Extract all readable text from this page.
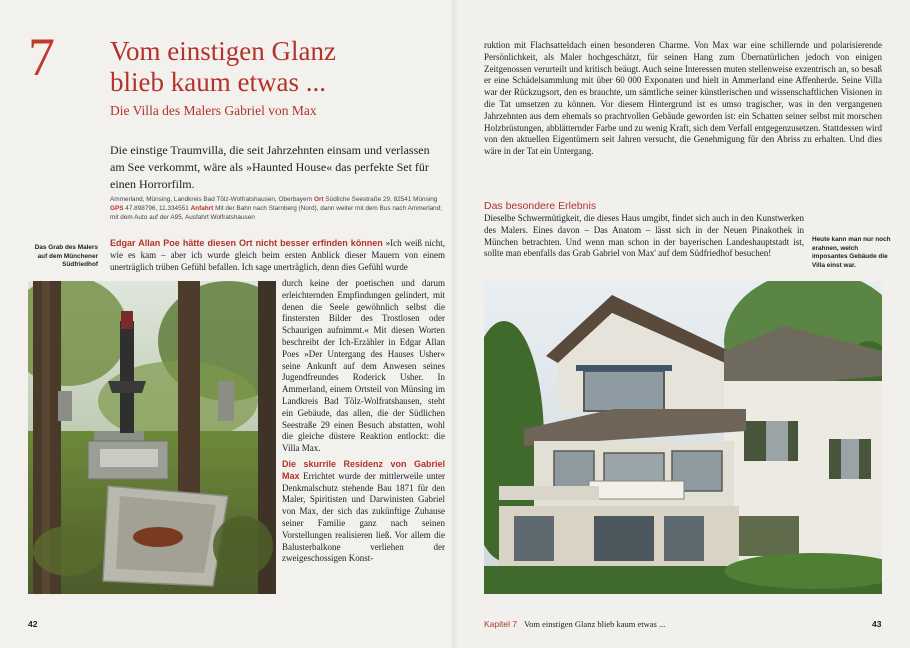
7 Vom einstigen Glanz
blieb kaum etwas ...
Die Villa des Malers Gabriel von Max
Die einstige Traumvilla, die seit Jahrzehnten einsam und verlassen am See verkommt, wäre als »Haunted House« das perfekte Set für einen Horrorfilm.
Ammerland, Münsing, Landkreis Bad Tölz-Wolfratshausen, Oberbayern Ort Südliche Seestraße 29, 82541 Münsing GPS 47.898796, 11.334551 Anfahrt Mit der Bahn nach Starnberg (Nord), dann weiter mit dem Bus nach Ammerland; mit dem Auto auf der A95, Ausfahrt Wolfratshausen
Das Grab des Malers auf dem Münchener Südfriedhof
Heute kann man nur noch erahnen, welch imposantes Gebäude die Villa einst war.
Edgar Allan Poe hätte diesen Ort nicht besser erfinden können »Ich weiß nicht, wie es kam – aber ich wurde gleich beim ersten Anblick dieser Mauern von einem unerträglich trüben Gefühl befallen. Ich sage unerträglich, denn dies Gefühl wurde
durch keine der poetischen und darum erleichternden Empfindungen gelindert, mit denen die Seele gewöhnlich selbst die finstersten Bilder des Trostlosen oder Schaurigen aufnimmt.« Mit diesen Worten beschreibt der Ich-Erzähler in Edgar Allan Poes »Der Untergang des Hauses Usher« seine Ankunft auf dem Anwesen seines Jugendfreundes Roderick Usher. In Ammerland, einem Ortsteil von Münsing im Landkreis Bad Tölz-Wolfratshausen, steht ein Gebäude, das allen, die der Südlichen Seestraße 29 einen Besuch abstatten, wohl die gleiche düstere Reaktion entlockt: die Villa Max.
Die skurrile Residenz von Gabriel Max Errichtet wurde der mittlerweile unter Denkmalschutz stehende Bau 1871 für den Maler, Spiritisten und Darwinisten Gabriel von Max, der sich das zukünftige Zuhause seiner Familie ganz nach seinen Vorstellungen realisieren ließ. Vor allem die Balusterbalkone verliehen der zweigeschossigen Konst-
ruktion mit Flachsatteldach einen besonderen Charme. Von Max war eine schillernde und polarisierende Persönlichkeit, als Maler hochgeschätzt, für seinen Hang zum Übernatürlichen jedoch von einigen Zeitgenossen verurteilt und kritisch beäugt. Auch seine Interessen muten stellenweise exzentrisch an, so besaß er eine Schädelsammlung mit über 60 000 Exponaten und hielt in Ammerland eine Affenherde. Seine Villa war der Rückzugsort, den es brauchte, um sämtliche seiner künstlerischen und wissenschaftlichen Visionen in die Tat umsetzen zu können. Vor diesem Hintergrund ist es umso tragischer, was in den vergangenen Jahrzehnten aus dem ehemals so prachtvollen Gebäude geworden ist: ein Schatten seiner selbst mit morschen Holzbrüstungen, abblätternder Farbe und zu wenig Kraft, sich dem Verfall entgegenzusetzen. Stattdessen wird von den aktuellen Eigentümern seit Jahren versucht, die Genehmigung für den Abriss zu erhalten. Und dies wäre in der Tat ein Untergang.
Das besondere Erlebnis
Dieselbe Schwermütigkeit, die dieses Haus umgibt, findet sich auch in den Kunstwerken des Malers. Eines davon – Das Anatom – lässt sich in der Neuen Pinakothek in München betrachten. Und wenn man schon in der bayerischen Landeshauptstadt ist, sollte man ebenfalls das Grab Gabriel von Max' auf dem Südfriedhof besuchen!
42	Kapitel 7 Vom einstigen Glanz blieb kaum etwas ...	43
